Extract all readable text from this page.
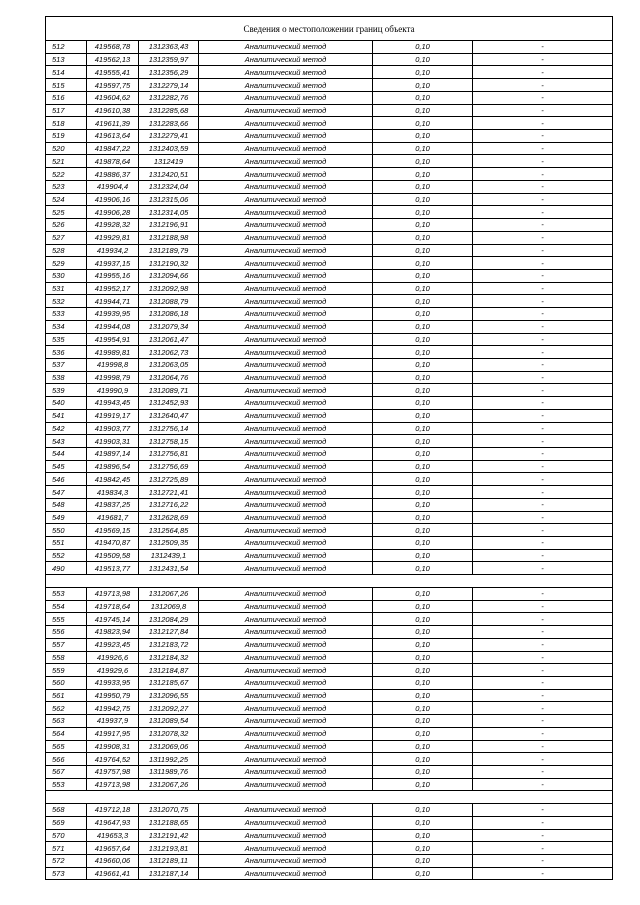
Сведения о местоположении границ объекта					
512	419568,78	1312363,43	Аналитический метод	0,10	-
513	419562,13	1312359,97	Аналитический метод	0,10	-
514	419555,41	1312356,29	Аналитический метод	0,10	-
515	419597,75	1312279,14	Аналитический метод	0,10	-
516	419604,62	1312282,76	Аналитический метод	0,10	-
517	419610,38	1312285,68	Аналитический метод	0,10	-
518	419611,39	1312283,66	Аналитический метод	0,10	-
519	419613,64	1312279,41	Аналитический метод	0,10	-
520	419847,22	1312403,59	Аналитический метод	0,10	-
521	419878,64	1312419	Аналитический метод	0,10	-
522	419886,37	1312420,51	Аналитический метод	0,10	-
523	419904,4	1312324,04	Аналитический метод	0,10	-
524	419906,16	1312315,06	Аналитический метод	0,10	-
525	419906,28	1312314,05	Аналитический метод	0,10	-
526	419928,32	1312196,91	Аналитический метод	0,10	-
527	419929,81	1312188,98	Аналитический метод	0,10	-
528	419934,2	1312189,79	Аналитический метод	0,10	-
529	419937,15	1312190,32	Аналитический метод	0,10	-
530	419955,16	1312094,66	Аналитический метод	0,10	-
531	419952,17	1312092,98	Аналитический метод	0,10	-
532	419944,71	1312088,79	Аналитический метод	0,10	-
533	419939,95	1312086,18	Аналитический метод	0,10	-
534	419944,08	1312079,34	Аналитический метод	0,10	-
535	419954,91	1312061,47	Аналитический метод	0,10	-
536	419989,81	1312062,73	Аналитический метод	0,10	-
537	419998,8	1312063,05	Аналитический метод	0,10	-
538	419998,79	1312064,76	Аналитический метод	0,10	-
539	419990,9	1312089,71	Аналитический метод	0,10	-
540	419943,45	1312452,93	Аналитический метод	0,10	-
541	419919,17	1312640,47	Аналитический метод	0,10	-
542	419903,77	1312756,14	Аналитический метод	0,10	-
543	419903,31	1312758,15	Аналитический метод	0,10	-
544	419897,14	1312756,81	Аналитический метод	0,10	-
545	419896,54	1312756,69	Аналитический метод	0,10	-
546	419842,45	1312725,89	Аналитический метод	0,10	-
547	419834,3	1312721,41	Аналитический метод	0,10	-
548	419837,25	1312716,22	Аналитический метод	0,10	-
549	419681,7	1312628,69	Аналитический метод	0,10	-
550	419569,15	1312564,85	Аналитический метод	0,10	-
551	419470,87	1312509,35	Аналитический метод	0,10	-
552	419509,58	1312439,1	Аналитический метод	0,10	-
490	419513,77	1312431,54	Аналитический метод	0,10	-

553	419713,98	1312067,26	Аналитический метод	0,10	-
554	419718,64	1312069,8	Аналитический метод	0,10	-
555	419745,14	1312084,29	Аналитический метод	0,10	-
556	419823,94	1312127,84	Аналитический метод	0,10	-
557	419923,45	1312183,72	Аналитический метод	0,10	-
558	419926,6	1312184,32	Аналитический метод	0,10	-
559	419929,6	1312184,87	Аналитический метод	0,10	-
560	419933,95	1312185,67	Аналитический метод	0,10	-
561	419950,79	1312096,55	Аналитический метод	0,10	-
562	419942,75	1312092,27	Аналитический метод	0,10	-
563	419937,9	1312089,54	Аналитический метод	0,10	-
564	419917,95	1312078,32	Аналитический метод	0,10	-
565	419908,31	1312069,06	Аналитический метод	0,10	-
566	419764,52	1311992,25	Аналитический метод	0,10	-
567	419757,98	1311989,76	Аналитический метод	0,10	-
553	419713,98	1312067,26	Аналитический метод	0,10	-

568	419712,18	1312070,75	Аналитический метод	0,10	-
569	419647,93	1312188,65	Аналитический метод	0,10	-
570	419653,3	1312191,42	Аналитический метод	0,10	-
571	419657,64	1312193,81	Аналитический метод	0,10	-
572	419660,06	1312189,11	Аналитический метод	0,10	-
573	419661,41	1312187,14	Аналитический метод	0,10	-
